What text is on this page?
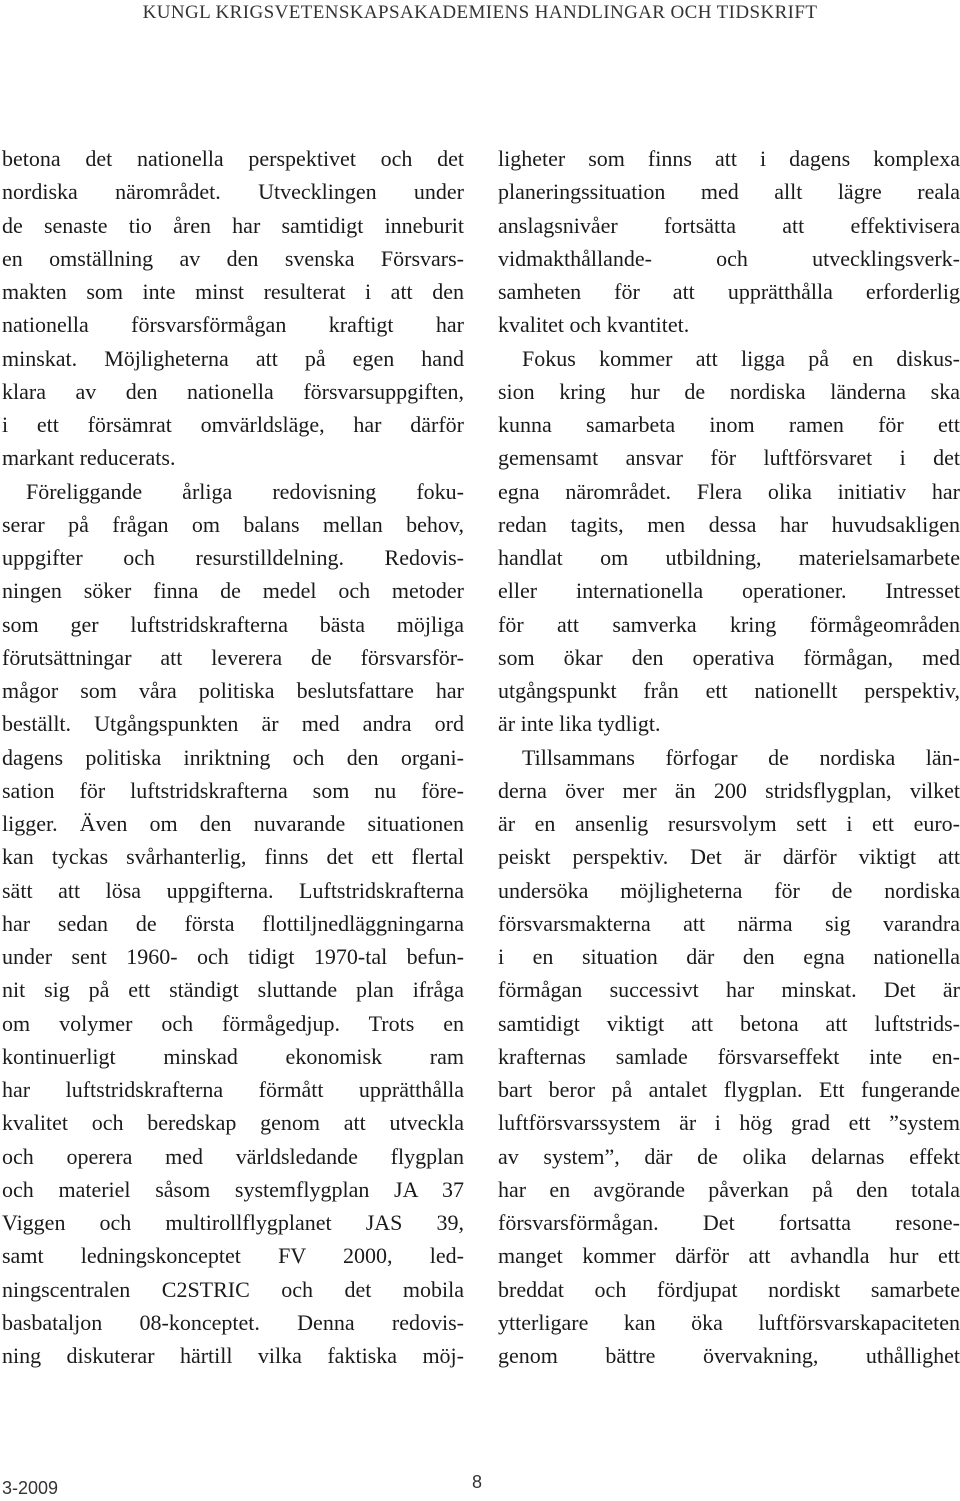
KUNGL KRIGSVETENSKAPSAKADEMIENS HANDLINGAR OCH TIDSKRIFT
betona det nationella perspektivet och det
nordiska närområdet. Utvecklingen under
de senaste tio åren har samtidigt inneburit
en omställning av den svenska Försvars-
makten som inte minst resulterat i att den
nationella försvarsförmågan kraftigt har
minskat. Möjligheterna att på egen hand
klara av den nationella försvarsuppgiften,
i ett försämrat omvärldsläge, har därför
markant reducerats.
Föreliggande årliga redovisning foku-
serar på frågan om balans mellan behov,
uppgifter och resurstilldelning. Redovis-
ningen söker finna de medel och metoder
som ger luftstridskrafterna bästa möjliga
förutsättningar att leverera de försvarsför-
mågor som våra politiska beslutsfattare har
beställt. Utgångspunkten är med andra ord
dagens politiska inriktning och den organi-
sation för luftstridskrafterna som nu före-
ligger. Även om den nuvarande situationen
kan tyckas svårhanterlig, finns det ett flertal
sätt att lösa uppgifterna. Luftstridskrafterna
har sedan de första flottiljnedläggningarna
under sent 1960- och tidigt 1970-tal befun-
nit sig på ett ständigt sluttande plan ifråga
om volymer och förmågedjup. Trots en
kontinuerligt minskad ekonomisk ram
har luftstridskrafterna förmått upprätthålla
kvalitet och beredskap genom att utveckla
och operera med världsledande flygplan
och materiel såsom systemflygplan JA 37
Viggen och multirollflygplanet JAS 39,
samt ledningskonceptet FV 2000, led-
ningscentralen C2STRIC och det mobila
basbataljon 08-konceptet. Denna redovis-
ning diskuterar härtill vilka faktiska möj-
ligheter som finns att i dagens komplexa
planeringssituation med allt lägre reala
anslagsnivåer fortsätta att effektivisera
vidmakthållande- och utvecklingsverk-
samheten för att upprätthålla erforderlig
kvalitet och kvantitet.
Fokus kommer att ligga på en diskus-
sion kring hur de nordiska länderna ska
kunna samarbeta inom ramen för ett
gemensamt ansvar för luftförsvaret i det
egna närområdet. Flera olika initiativ har
redan tagits, men dessa har huvudsakligen
handlat om utbildning, materielsamarbete
eller internationella operationer. Intresset
för att samverka kring förmågeområden
som ökar den operativa förmågan, med
utgångspunkt från ett nationellt perspektiv,
är inte lika tydligt.
Tillsammans förfogar de nordiska län-
derna över mer än 200 stridsflygplan, vilket
är en ansenlig resursvolym sett i ett euro-
peiskt perspektiv. Det är därför viktigt att
undersöka möjligheterna för de nordiska
försvarsmakterna att närma sig varandra
i en situation där den egna nationella
förmågan successivt har minskat. Det är
samtidigt viktigt att betona att luftstrids-
krafternas samlade försvarseffekt inte en-
bart beror på antalet flygplan. Ett fungerande
luftförsvarssystem är i hög grad ett ”system
av system”, där de olika delarnas effekt
har en avgörande påverkan på den totala
försvarsförmågan. Det fortsatta resone-
manget kommer därför att avhandla hur ett
breddat och fördjupat nordiskt samarbete
ytterligare kan öka luftförsvarskapaciteten
genom bättre övervakning, uthållighet
3-2009	8
